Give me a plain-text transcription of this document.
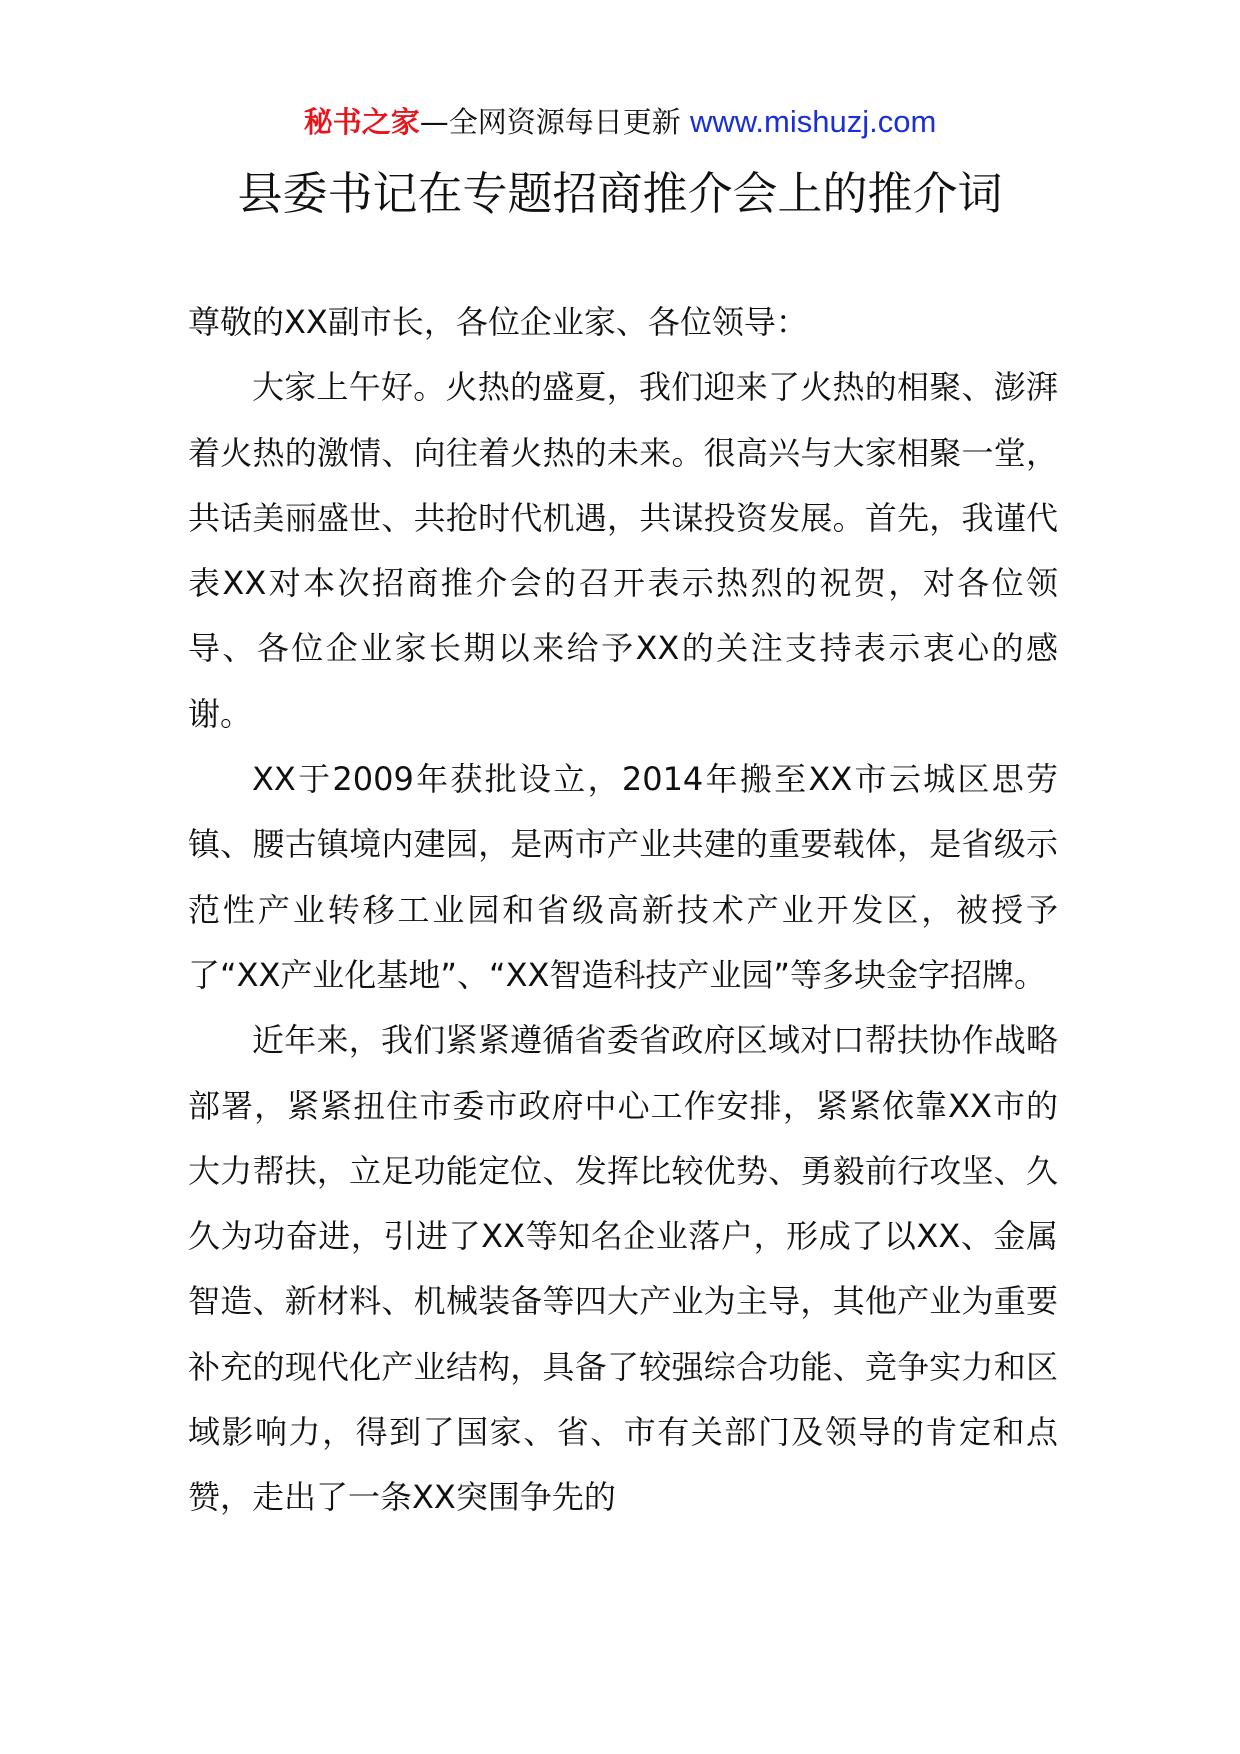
秘书之家—全网资源每日更新 www.mishuzj.com
县委书记在专题招商推介会上的推介词

尊敬的XX副市长，各位企业家、各位领导：

大家上午好。火热的盛夏，我们迎来了火热的相聚、澎湃着火热的激情、向往着火热的未来。很高兴与大家相聚一堂，共话美丽盛世、共抢时代机遇，共谋投资发展。首先，我谨代表XX对本次招商推介会的召开表示热烈的祝贺，对各位领导、各位企业家长期以来给予XX的关注支持表示衷心的感谢。

XX于2009年获批设立，2014年搬至XX市云城区思劳镇、腰古镇境内建园，是两市产业共建的重要载体，是省级示范性产业转移工业园和省级高新技术产业开发区，被授予了“XX产业化基地”、“XX智造科技产业园”等多块金字招牌。

近年来，我们紧紧遵循省委省政府区域对口帮扶协作战略部署，紧紧扭住市委市政府中心工作安排，紧紧依靠XX市的大力帮扶，立足功能定位、发挥比较优势、勇毅前行攻坚、久久为功奋进，引进了XX等知名企业落户，形成了以XX、金属智造、新材料、机械装备等四大产业为主导，其他产业为重要补充的现代化产业结构，具备了较强综合功能、竞争实力和区域影响力，得到了国家、省、市有关部门及领导的肯定和点赞，走出了一条XX突围争先的
